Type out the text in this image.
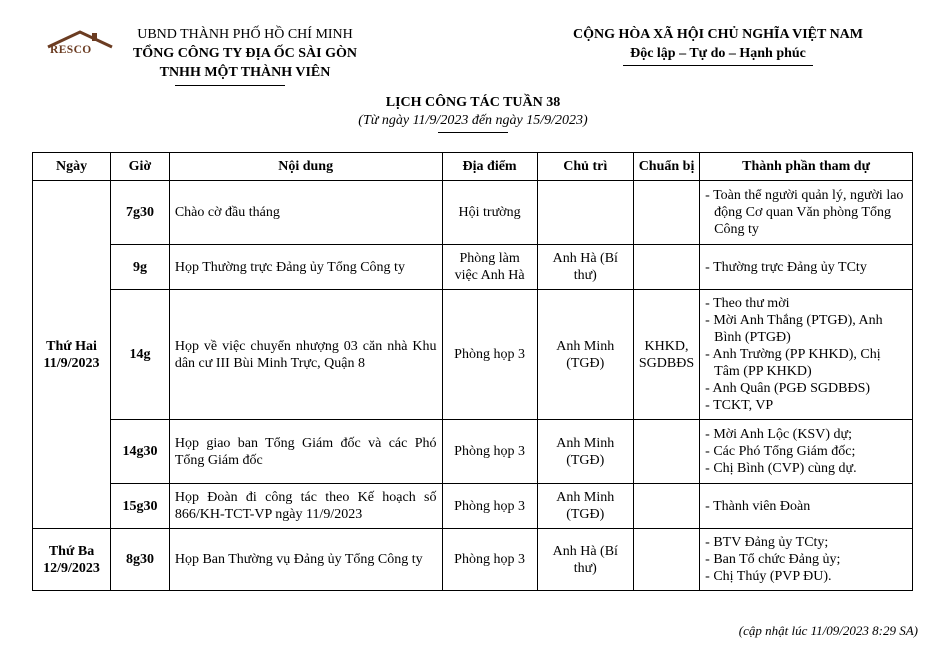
RESCO
UBND THÀNH PHỐ HỒ CHÍ MINH
TỔNG CÔNG TY ĐỊA ỐC SÀI GÒN
TNHH MỘT THÀNH VIÊN
CỘNG HÒA XÃ HỘI CHỦ NGHĨA VIỆT NAM
Độc lập – Tự do – Hạnh phúc
LỊCH CÔNG TÁC TUẦN 38
(Từ ngày 11/9/2023 đến ngày 15/9/2023)
Ngày	Giờ	Nội dung	Địa điểm	Chủ trì	Chuẩn bị	Thành phần tham dự
Thứ Hai
11/9/2023	7g30	Chào cờ đầu tháng	Hội trường			- Toàn thể người quản lý, người lao động Cơ quan Văn phòng Tổng Công ty

	9g	Họp Thường trực Đảng ủy Tổng Công ty	Phòng làm việc Anh Hà	Anh Hà (Bí thư)		- Thường trực Đảng ủy TCty

	14g	Họp về việc chuyển nhượng 03 căn nhà Khu dân cư III Bùi Minh Trực, Quận 8	Phòng họp 3	Anh Minh (TGĐ)	KHKD, SGDBĐS	- Theo thư mời
- Mời Anh Thắng (PTGĐ), Anh Bình (PTGĐ)
- Anh Trường (PP KHKD), Chị Tâm (PP KHKD)
- Anh Quân (PGĐ SGDBĐS)
- TCKT, VP

	14g30	Họp giao ban Tổng Giám đốc và các Phó Tổng Giám đốc	Phòng họp 3	Anh Minh (TGĐ)		- Mời Anh Lộc (KSV) dự;
- Các Phó Tổng Giám đốc;
- Chị Bình (CVP) cùng dự.

	15g30	Họp Đoàn đi công tác theo Kế hoạch số 866/KH-TCT-VP ngày 11/9/2023	Phòng họp 3	Anh Minh (TGĐ)		- Thành viên Đoàn

Thứ Ba
12/9/2023	8g30	Họp Ban Thường vụ Đảng ủy Tổng Công ty	Phòng họp 3	Anh Hà (Bí thư)		- BTV Đảng ủy TCty;
- Ban Tổ chức Đảng ủy;
- Chị Thúy (PVP ĐU).
(cập nhật lúc 11/09/2023 8:29 SA)
